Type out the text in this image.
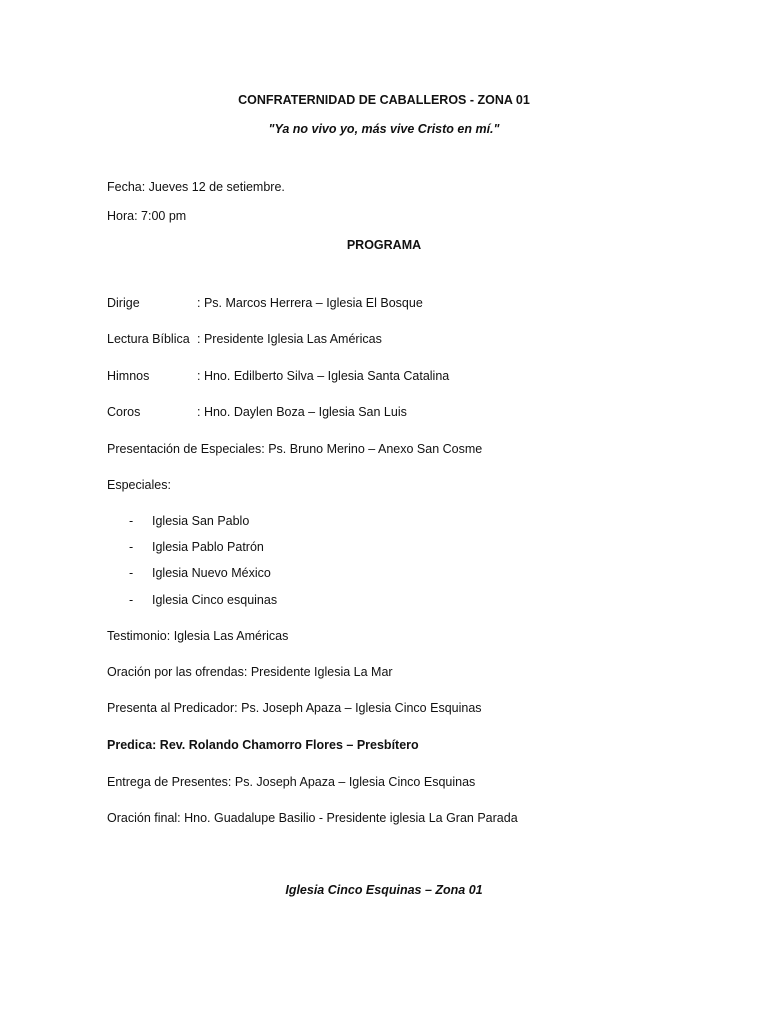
CONFRATERNIDAD DE CABALLEROS - ZONA 01
"Ya no vivo yo, más vive Cristo en mí."
Fecha: Jueves 12 de setiembre.
Hora: 7:00 pm
PROGRAMA
Dirige	: Ps. Marcos Herrera – Iglesia El Bosque
Lectura Bíblica : Presidente Iglesia Las Américas
Himnos	: Hno. Edilberto Silva – Iglesia Santa Catalina
Coros	: Hno. Daylen Boza – Iglesia San Luis
Presentación de Especiales: Ps. Bruno Merino – Anexo San Cosme
Especiales:
- Iglesia San Pablo
- Iglesia Pablo Patrón
- Iglesia Nuevo México
- Iglesia Cinco esquinas
Testimonio: Iglesia Las Américas
Oración por las ofrendas: Presidente Iglesia La Mar
Presenta al Predicador: Ps. Joseph Apaza – Iglesia Cinco Esquinas
Predica: Rev. Rolando Chamorro Flores – Presbítero
Entrega de Presentes: Ps. Joseph Apaza – Iglesia Cinco Esquinas
Oración final: Hno. Guadalupe Basilio - Presidente iglesia La Gran Parada
Iglesia Cinco Esquinas – Zona 01
